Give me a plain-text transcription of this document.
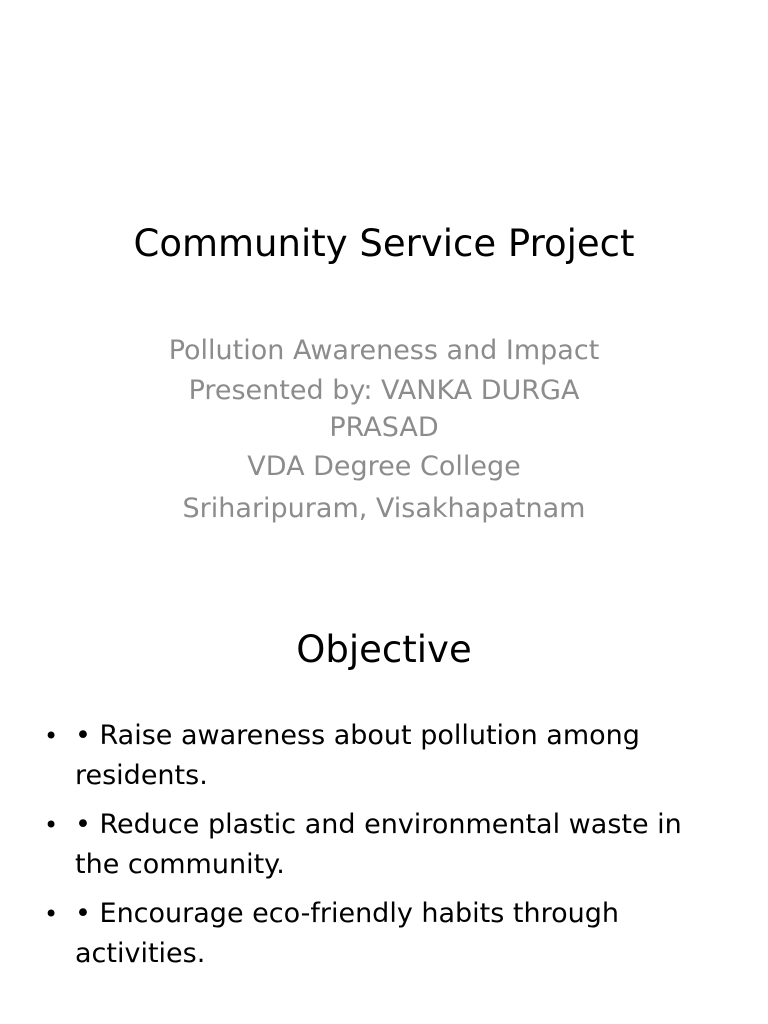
Community Service Project
Pollution Awareness and Impact
Presented by: VANKA DURGA PRASAD
VDA Degree College
Sriharipuram, Visakhapatnam
Objective
• • Raise awareness about pollution among residents.
• • Reduce plastic and environmental waste in the community.
• • Encourage eco-friendly habits through activities.
